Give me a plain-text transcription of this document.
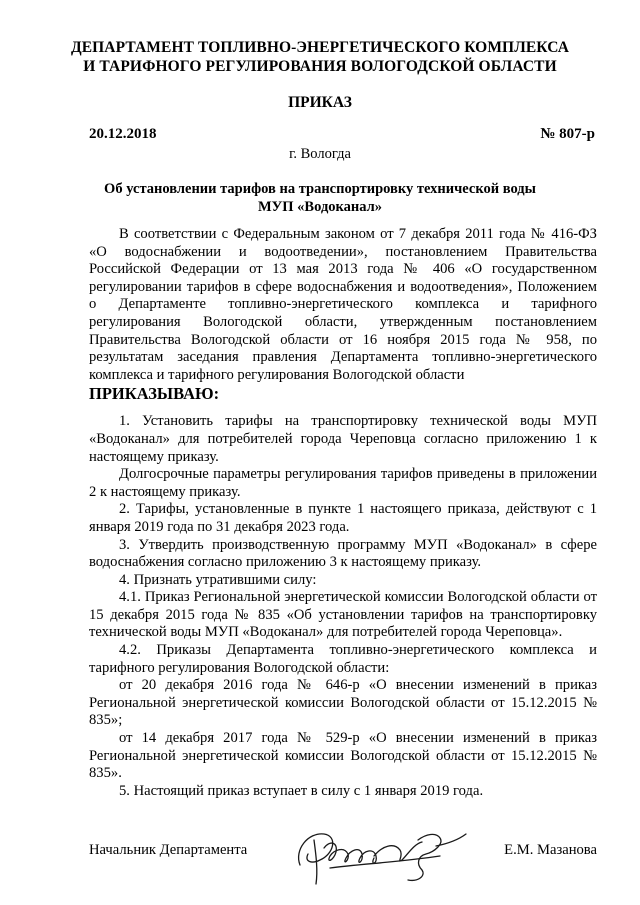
ДЕПАРТАМЕНТ ТОПЛИВНО-ЭНЕРГЕТИЧЕСКОГО КОМПЛЕКСА
И ТАРИФНОГО РЕГУЛИРОВАНИЯ ВОЛОГОДСКОЙ ОБЛАСТИ
ПРИКАЗ
20.12.2018	№ 807-р
г. Вологда
Об установлении тарифов на транспортировку технической воды
МУП «Водоканал»

В соответствии с Федеральным законом от 7 декабря 2011 года № 416-ФЗ «О водоснабжении и водоотведении», постановлением Правительства Российской Федерации от 13 мая 2013 года № 406 «О государственном регулировании тарифов в сфере водоснабжения и водоотведения», Положением о Департаменте топливно-энергетического комплекса и тарифного регулирования Вологодской области, утвержденным постановлением Правительства Вологодской области от 16 ноября 2015 года № 958, по результатам заседания правления Департамента топливно-энергетического комплекса и тарифного регулирования Вологодской области

ПРИКАЗЫВАЮ:

1. Установить тарифы на транспортировку технической воды МУП «Водоканал» для потребителей города Череповца согласно приложению 1 к настоящему приказу.

Долгосрочные параметры регулирования тарифов приведены в приложении 2 к настоящему приказу.

2. Тарифы, установленные в пункте 1 настоящего приказа, действуют с 1 января 2019 года по 31 декабря 2023 года.

3. Утвердить производственную программу МУП «Водоканал» в сфере водоснабжения согласно приложению 3 к настоящему приказу.

4. Признать утратившими силу:

4.1. Приказ Региональной энергетической комиссии Вологодской области от 15 декабря 2015 года № 835 «Об установлении тарифов на транспортировку технической воды МУП «Водоканал» для потребителей города Череповца».

4.2. Приказы Департамента топливно-энергетического комплекса и тарифного регулирования Вологодской области:

от 20 декабря 2016 года № 646-р «О внесении изменений в приказ Региональной энергетической комиссии Вологодской области от 15.12.2015 № 835»;

от 14 декабря 2017 года № 529-р «О внесении изменений в приказ Региональной энергетической комиссии Вологодской области от 15.12.2015 № 835».

5. Настоящий приказ вступает в силу с 1 января 2019 года.

Начальник Департамента	Е.М. Мазанова
